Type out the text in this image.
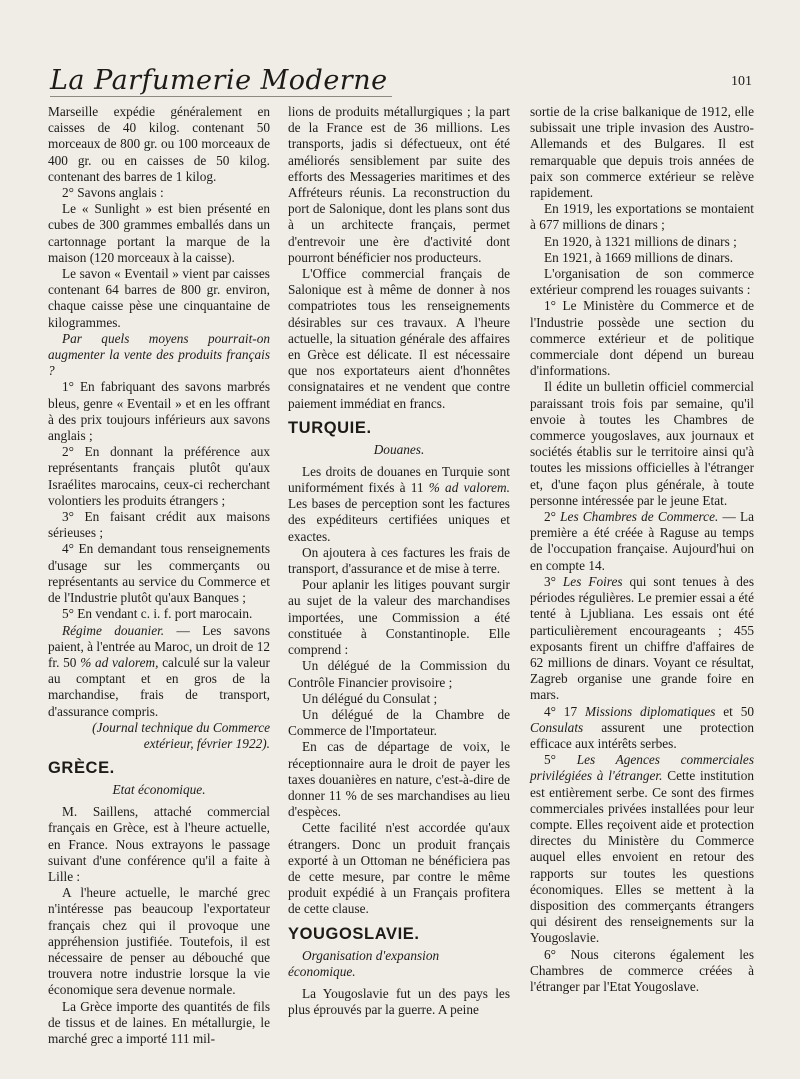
La Parfumerie Moderne	101

Marseille expédie généralement en caisses de 40 kilog. contenant 50 morceaux de 800 gr. ou 100 morceaux de 400 gr. ou en caisses de 50 kilog. contenant des barres de 1 kilog.

2° Savons anglais :

Le « Sunlight » est bien présenté en cubes de 300 grammes emballés dans un cartonnage portant la marque de la maison (120 morceaux à la caisse).

Le savon « Eventail » vient par caisses contenant 64 barres de 800 gr. environ, chaque caisse pèse une cinquantaine de kilogrammes.

Par quels moyens pourrait-on augmenter la vente des produits français ?

1° En fabriquant des savons marbrés bleus, genre « Eventail » et en les offrant à des prix toujours inférieurs aux savons anglais ;

2° En donnant la préférence aux représentants français plutôt qu'aux Israélites marocains, ceux-ci recherchant volontiers les produits étrangers ;

3° En faisant crédit aux maisons sérieuses ;

4° En demandant tous renseignements d'usage sur les commerçants ou représentants au service du Commerce et de l'Industrie plutôt qu'aux Banques ;

5° En vendant c. i. f. port marocain.

Régime douanier. — Les savons paient, à l'entrée au Maroc, un droit de 12 fr. 50 % ad valorem, calculé sur la valeur au comptant et en gros de la marchandise, frais de transport, d'assurance compris.

(Journal technique du Commerce extérieur, février 1922).

GRÈCE.
Etat économique.

M. Saillens, attaché commercial français en Grèce, est à l'heure actuelle, en France. Nous extrayons le passage suivant d'une conférence qu'il a faite à Lille :

A l'heure actuelle, le marché grec n'intéresse pas beaucoup l'exportateur français chez qui il provoque une appréhension justifiée. Toutefois, il est nécessaire de penser au débouché que trouvera notre industrie lorsque la vie économique sera devenue normale.

La Grèce importe des quantités de fils de tissus et de laines. En métallurgie, le marché grec a importé 111 mil-

lions de produits métallurgiques ; la part de la France est de 36 millions. Les transports, jadis si défectueux, ont été améliorés sensiblement par suite des efforts des Messageries maritimes et des Affréteurs réunis. La reconstruction du port de Salonique, dont les plans sont dus à un architecte français, permet d'entrevoir une ère d'activité dont pourront bénéficier nos producteurs.

L'Office commercial français de Salonique est à même de donner à nos compatriotes tous les renseignements désirables sur ces travaux. A l'heure actuelle, la situation générale des affaires en Grèce est délicate. Il est nécessaire que nos exportateurs aient d'honnêtes consignataires et ne vendent que contre paiement immédiat en francs.

TURQUIE.
Douanes.

Les droits de douanes en Turquie sont uniformément fixés à 11 % ad valorem. Les bases de perception sont les factures des expéditeurs certifiées uniques et exactes.

On ajoutera à ces factures les frais de transport, d'assurance et de mise à terre.

Pour aplanir les litiges pouvant surgir au sujet de la valeur des marchandises importées, une Commission a été constituée à Constantinople. Elle comprend :

Un délégué de la Commission du Contrôle Financier provisoire ;

Un délégué du Consulat ;

Un délégué de la Chambre de Commerce de l'Importateur.

En cas de départage de voix, le réceptionnaire aura le droit de payer les taxes douanières en nature, c'est-à-dire de donner 11 % de ses marchandises au lieu d'espèces.

Cette facilité n'est accordée qu'aux étrangers. Donc un produit français exporté à un Ottoman ne bénéficiera pas de cette mesure, par contre le même produit expédié à un Français profitera de cette clause.

YOUGOSLAVIE.
Organisation d'expansion économique.

La Yougoslavie fut un des pays les plus éprouvés par la guerre. A peine

sortie de la crise balkanique de 1912, elle subissait une triple invasion des Austro-Allemands et des Bulgares. Il est remarquable que depuis trois années de paix son commerce extérieur se relève rapidement.

En 1919, les exportations se montaient à 677 millions de dinars ;

En 1920, à 1321 millions de dinars ;

En 1921, à 1669 millions de dinars.

L'organisation de son commerce extérieur comprend les rouages suivants :

1° Le Ministère du Commerce et de l'Industrie possède une section du commerce extérieur et de politique commerciale dont dépend un bureau d'informations.

Il édite un bulletin officiel commercial paraissant trois fois par semaine, qu'il envoie à toutes les Chambres de commerce yougoslaves, aux journaux et sociétés établis sur le territoire ainsi qu'à toutes les missions officielles à l'étranger et, d'une façon plus générale, à toute personne intéressée par le jeune Etat.

2° Les Chambres de Commerce. — La première a été créée à Raguse au temps de l'occupation française. Aujourd'hui on en compte 14.

3° Les Foires qui sont tenues à des périodes régulières. Le premier essai a été tenté à Ljubliana. Les essais ont été particulièrement encourageants ; 455 exposants firent un chiffre d'affaires de 62 millions de dinars. Voyant ce résultat, Zagreb organise une grande foire en mars.

4° 17 Missions diplomatiques et 50 Consulats assurent une protection efficace aux intérêts serbes.

5° Les Agences commerciales privilégiées à l'étranger. Cette institution est entièrement serbe. Ce sont des firmes commerciales privées installées pour leur compte. Elles reçoivent aide et protection directes du Ministère du Commerce auquel elles envoient en retour des rapports sur toutes les questions économiques. Elles se mettent à la disposition des commerçants étrangers qui désirent des renseignements sur la Yougoslavie.

6° Nous citerons également les Chambres de commerce créées à l'étranger par l'Etat Yougoslave.
